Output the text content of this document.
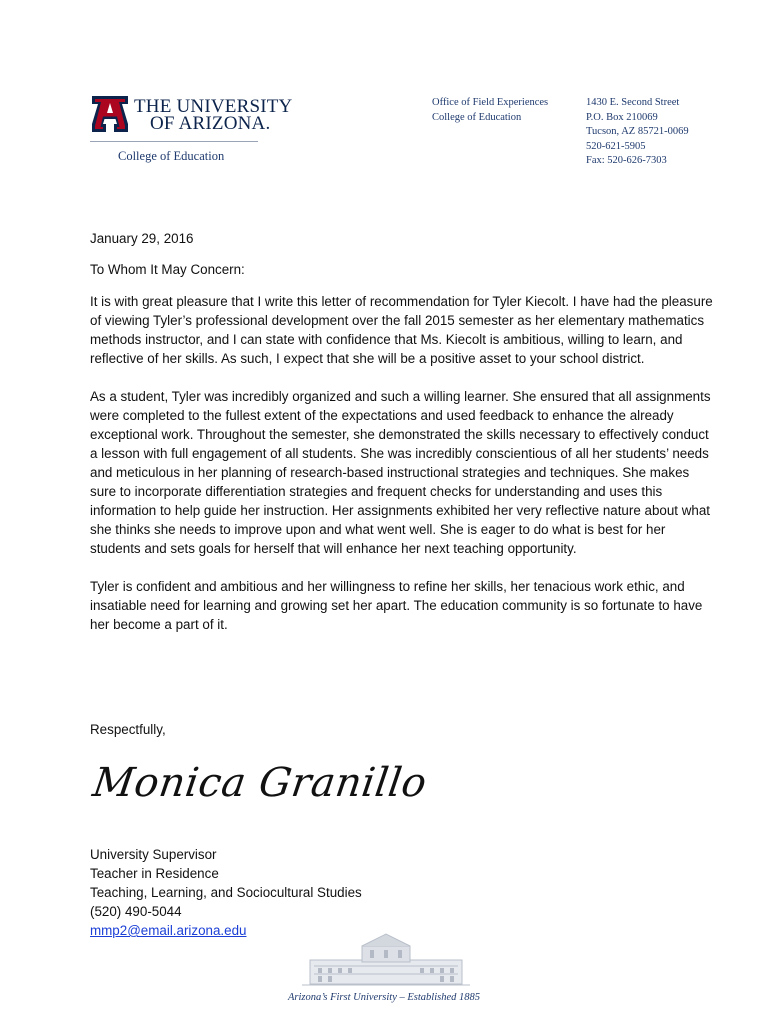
THE UNIVERSITY
OF ARIZONA.
College of Education
Office of Field Experiences
College of Education
1430 E. Second Street
P.O. Box 210069
Tucson, AZ 85721-0069
520-621-5905
Fax: 520-626-7303

January 29, 2016

To Whom It May Concern:

It is with great pleasure that I write this letter of recommendation for Tyler Kiecolt. I have had the pleasure of viewing Tyler’s professional development over the fall 2015 semester as her elementary mathematics methods instructor, and I can state with confidence that Ms. Kiecolt is ambitious, willing to learn, and reflective of her skills. As such, I expect that she will be a positive asset to your school district.

As a student, Tyler was incredibly organized and such a willing learner. She ensured that all assignments were completed to the fullest extent of the expectations and used feedback to enhance the already exceptional work. Throughout the semester, she demonstrated the skills necessary to effectively conduct a lesson with full engagement of all students. She was incredibly conscientious of all her students’ needs and meticulous in her planning of research-based instructional strategies and techniques. She makes sure to incorporate differentiation strategies and frequent checks for understanding and uses this information to help guide her instruction. Her assignments exhibited her very reflective nature about what she thinks she needs to improve upon and what went well. She is eager to do what is best for her students and sets goals for herself that will enhance her next teaching opportunity.

Tyler is confident and ambitious and her willingness to refine her skills, her tenacious work ethic, and insatiable need for learning and growing set her apart. The education community is so fortunate to have her become a part of it.

Respectfully,
Monica Granillo
University Supervisor
Teacher in Residence
Teaching, Learning, and Sociocultural Studies
(520) 490-5044
mmp2@email.arizona.edu
Arizona’s First University – Established 1885
